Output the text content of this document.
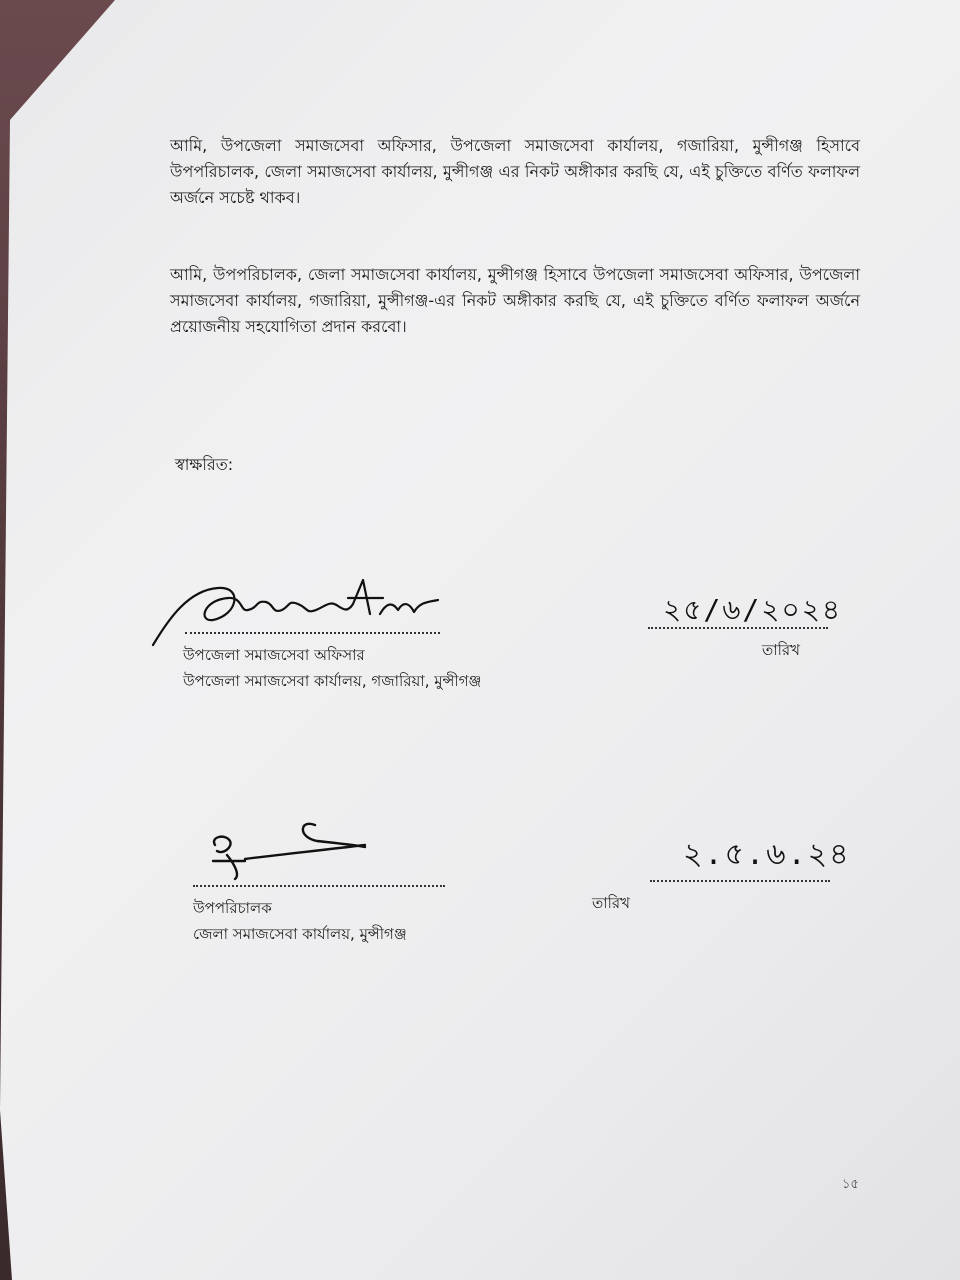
আমি, উপজেলা সমাজসেবা অফিসার, উপজেলা সমাজসেবা কার্যালয়, গজারিয়া, মুন্সীগঞ্জ হিসাবে উপপরিচালক, জেলা সমাজসেবা কার্যালয়, মুন্সীগঞ্জ এর নিকট অঙ্গীকার করছি যে, এই চুক্তিতে বর্ণিত ফলাফল অর্জনে সচেষ্ট থাকব।

আমি, উপপরিচালক, জেলা সমাজসেবা কার্যালয়, মুন্সীগঞ্জ হিসাবে উপজেলা সমাজসেবা অফিসার, উপজেলা সমাজসেবা কার্যালয়, গজারিয়া, মুন্সীগঞ্জ-এর নিকট অঙ্গীকার করছি যে, এই চুক্তিতে বর্ণিত ফলাফল অর্জনে প্রয়োজনীয় সহযোগিতা প্রদান করবো।

স্বাক্ষরিত:
উপজেলা সমাজসেবা অফিসার
উপজেলা সমাজসেবা কার্যালয়, গজারিয়া, মুন্সীগঞ্জ
২৫/৬/২০২৪
তারিখ
উপপরিচালক
জেলা সমাজসেবা কার্যালয়, মুন্সীগঞ্জ
২.৫.৬.২৪
তারিখ
১৫
